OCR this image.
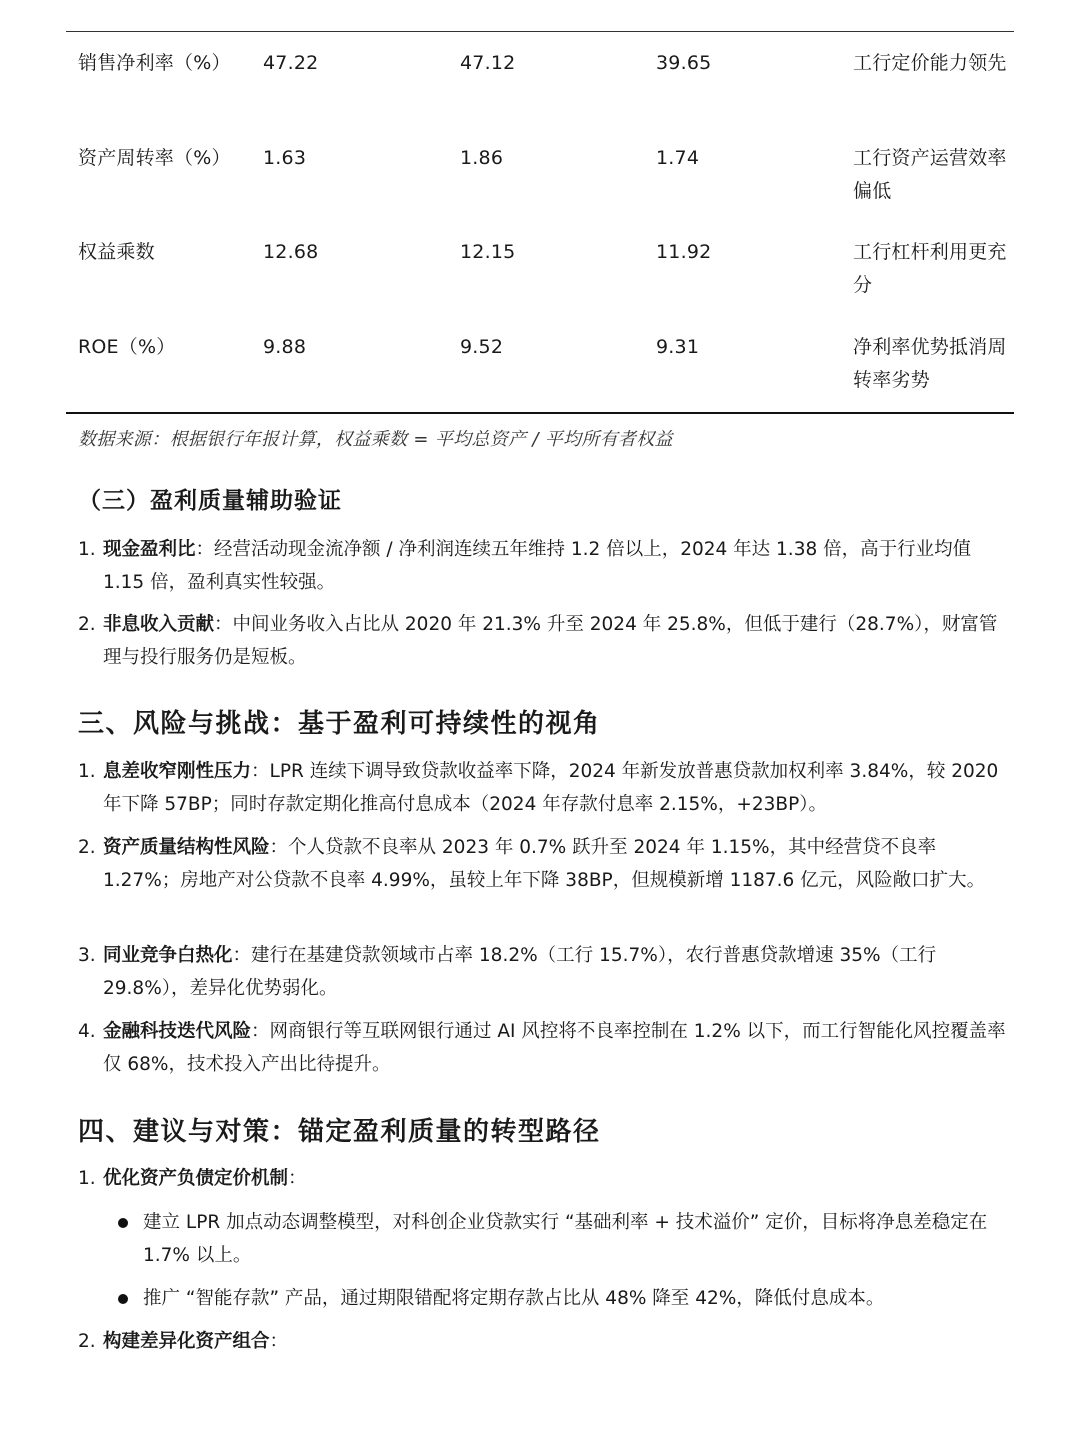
销售净利率（%） 47.22	47.12	39.65	工行定价能力领先
资产周转率（%） 1.63	1.86	1.74	工行资产运营效率偏低
权益乘数	12.68	12.15	11.92	工行杠杆利用更充分
ROE（%）	9.88	9.52	9.31	净利率优势抵消周转率劣势
数据来源：根据银行年报计算，权益乘数 = 平均总资产 / 平均所有者权益
（三）盈利质量辅助验证
1. 现金盈利比：经营活动现金流净额 / 净利润连续五年维持 1.2 倍以上，2024 年达 1.38 倍，高于行业均值 1.15 倍，盈利真实性较强。
2. 非息收入贡献：中间业务收入占比从 2020 年 21.3% 升至 2024 年 25.8%，但低于建行（28.7%），财富管理与投行服务仍是短板。
三、风险与挑战：基于盈利可持续性的视角
1. 息差收窄刚性压力：LPR 连续下调导致贷款收益率下降，2024 年新发放普惠贷款加权利率 3.84%，较 2020 年下降 57BP；同时存款定期化推高付息成本（2024 年存款付息率 2.15%，+23BP）。
2. 资产质量结构性风险：个人贷款不良率从 2023 年 0.7% 跃升至 2024 年 1.15%，其中经营贷不良率 1.27%；房地产对公贷款不良率 4.99%，虽较上年下降 38BP，但规模新增 1187.6 亿元，风险敞口扩大。
3. 同业竞争白热化：建行在基建贷款领域市占率 18.2%（工行 15.7%），农行普惠贷款增速 35%（工行 29.8%），差异化优势弱化。
4. 金融科技迭代风险：网商银行等互联网银行通过 AI 风控将不良率控制在 1.2% 以下，而工行智能化风控覆盖率仅 68%，技术投入产出比待提升。
四、建议与对策：锚定盈利质量的转型路径
1. 优化资产负债定价机制：
建立 LPR 加点动态调整模型，对科创企业贷款实行 “基础利率 + 技术溢价” 定价，目标将净息差稳定在 1.7% 以上。
推广 “智能存款” 产品，通过期限错配将定期存款占比从 48% 降至 42%，降低付息成本。
2. 构建差异化资产组合：
